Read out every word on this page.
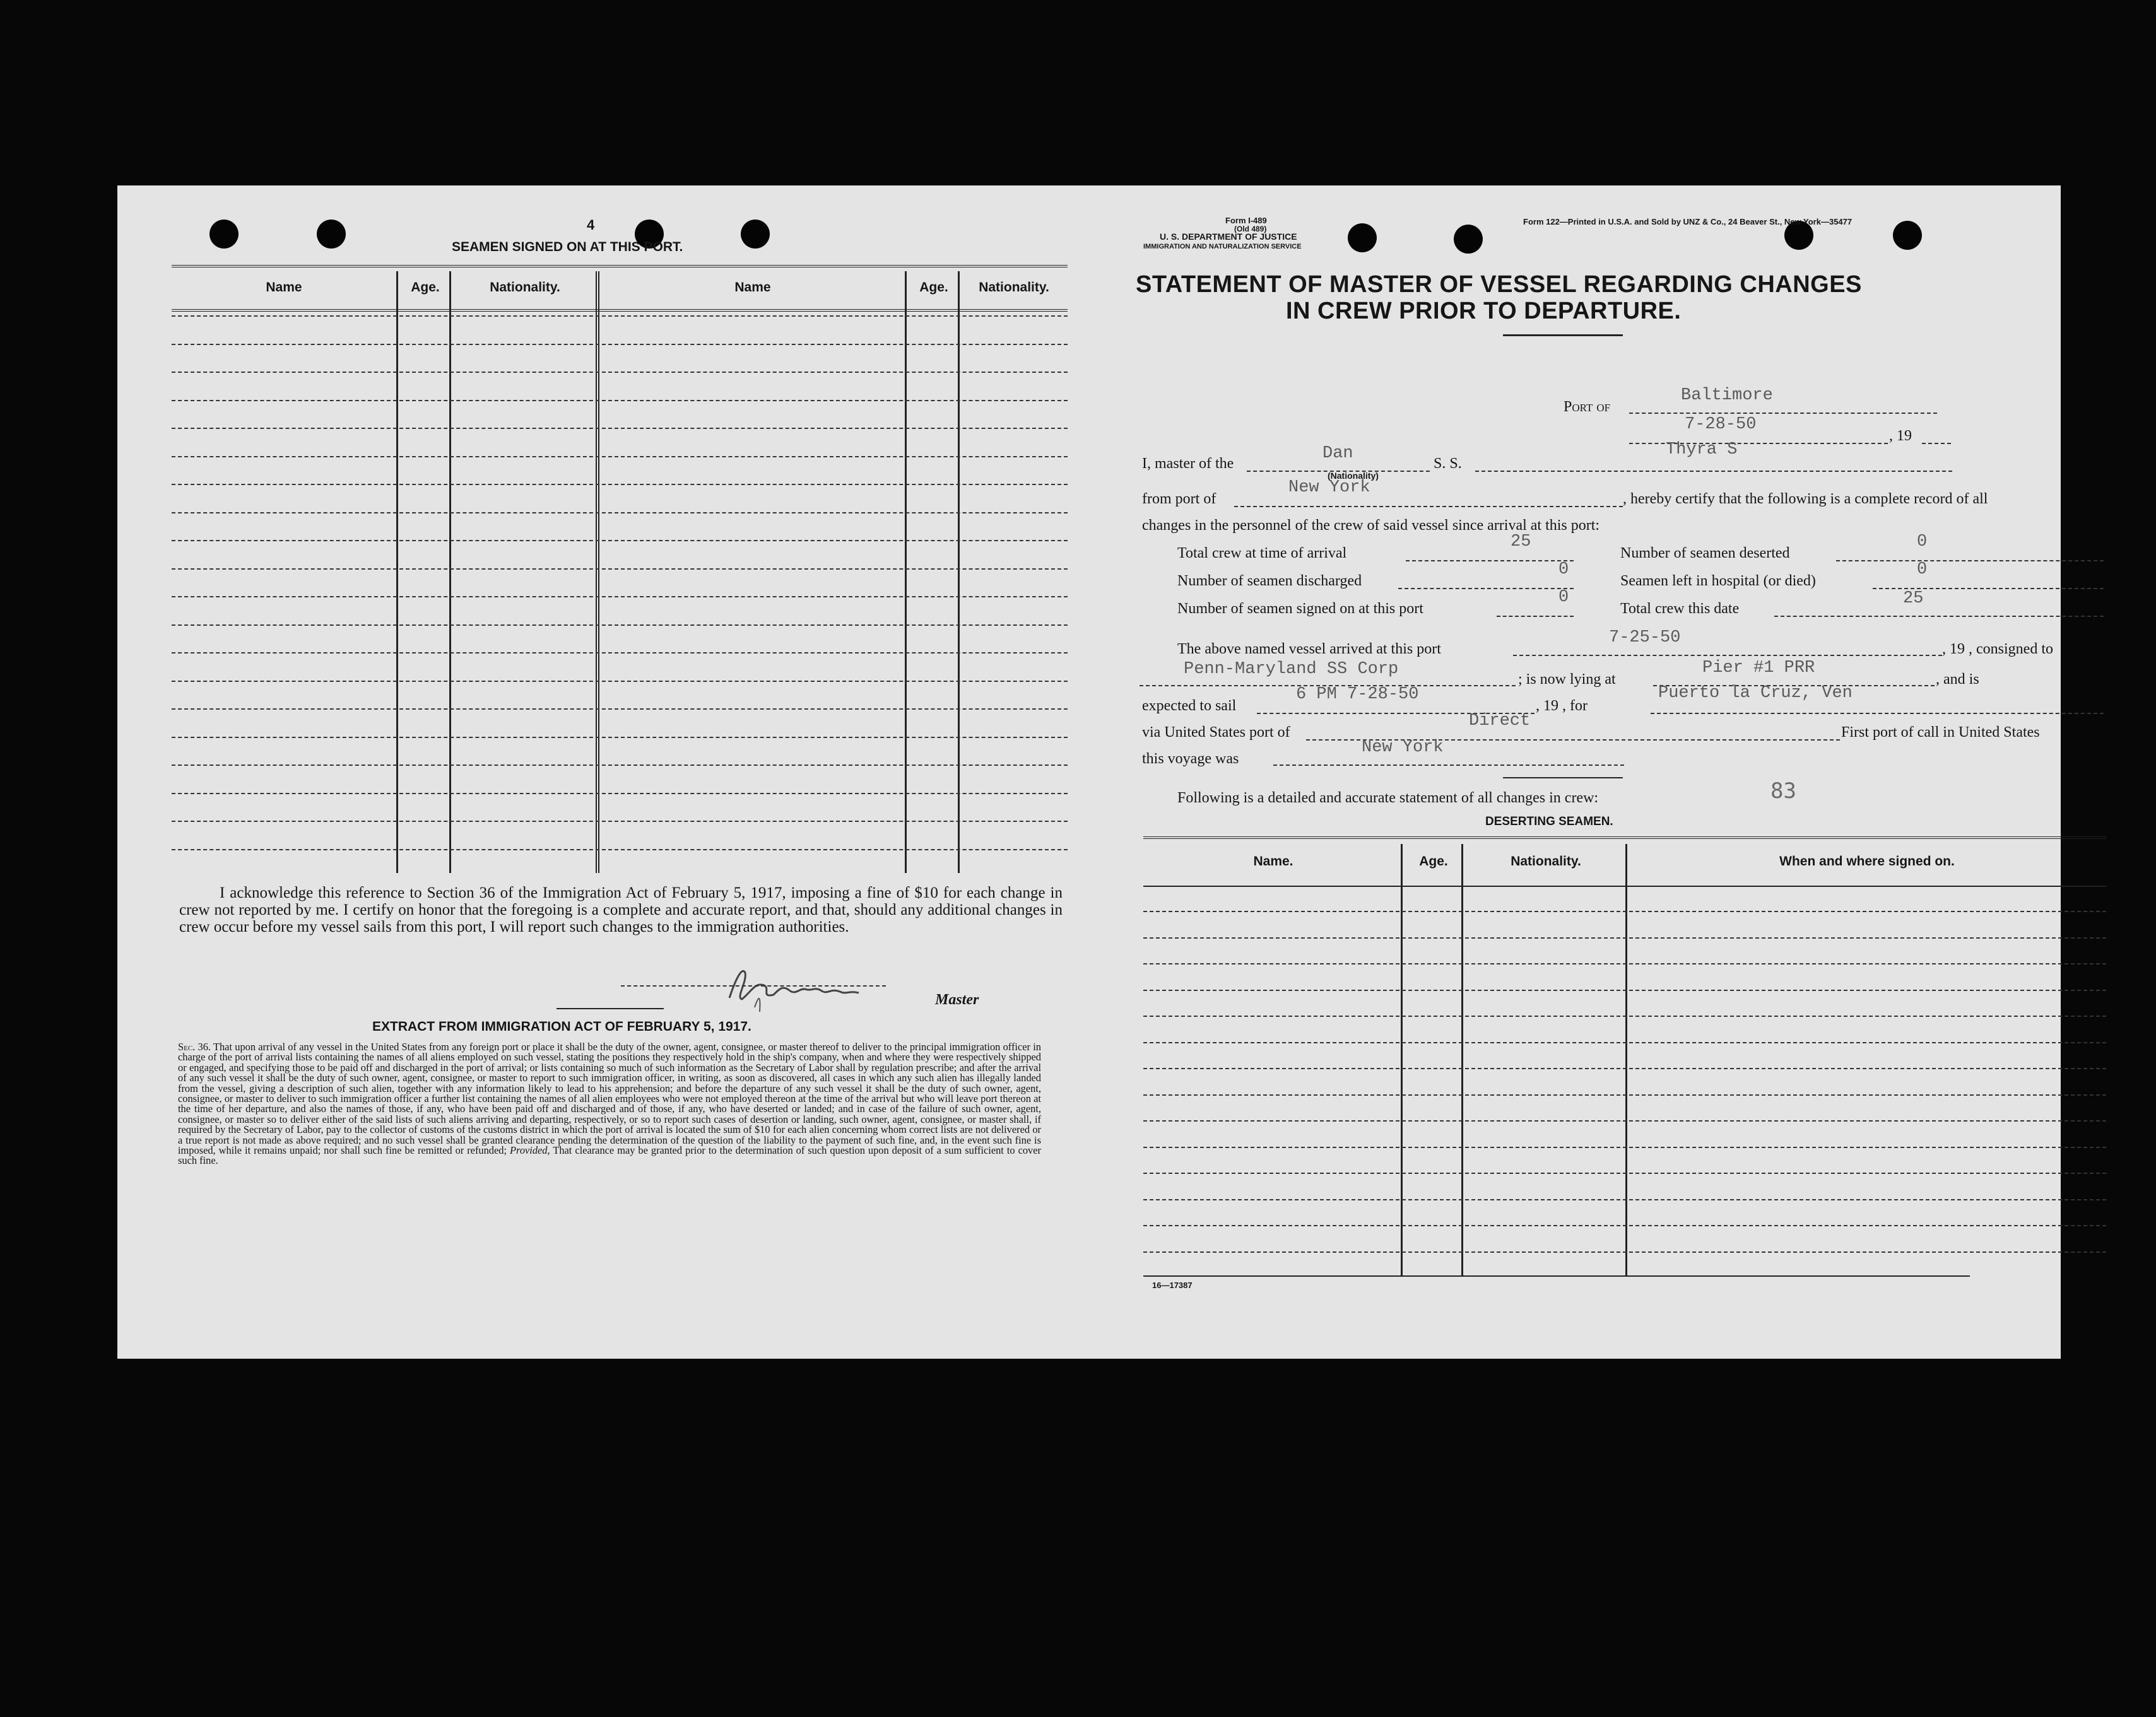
4
SEAMEN SIGNED ON AT THIS PORT.
Name	Age.	Nationality.	Name	Age.	Nationality.
I acknowledge this reference to Section 36 of the Immigration Act of February 5, 1917, imposing a fine of $10 for each change in crew not reported by me. I certify on honor that the foregoing is a complete and accurate report, and that, should any additional changes in crew occur before my vessel sails from this port, I will report such changes to the immigration authorities.
Master
EXTRACT FROM IMMIGRATION ACT OF FEBRUARY 5, 1917.
Sec. 36. That upon arrival of any vessel in the United States from any foreign port or place it shall be the duty of the owner, agent, consignee, or master thereof to deliver to the principal immigration officer in charge of the port of arrival lists containing the names of all aliens employed on such vessel, stating the positions they respectively hold in the ship's company, when and where they were respectively shipped or engaged, and specifying those to be paid off and discharged in the port of arrival; or lists containing so much of such information as the Secretary of Labor shall by regulation prescribe; and after the arrival of any such vessel it shall be the duty of such owner, agent, consignee, or master to report to such immigration officer, in writing, as soon as discovered, all cases in which any such alien has illegally landed from the vessel, giving a description of such alien, together with any information likely to lead to his apprehension; and before the departure of any such vessel it shall be the duty of such owner, agent, consignee, or master to deliver to such immigration officer a further list containing the names of all alien employees who were not employed thereon at the time of the arrival but who will leave port thereon at the time of her departure, and also the names of those, if any, who have been paid off and discharged and of those, if any, who have deserted or landed; and in case of the failure of such owner, agent, consignee, or master so to deliver either of the said lists of such aliens arriving and departing, respectively, or so to report such cases of desertion or landing, such owner, agent, consignee, or master shall, if required by the Secretary of Labor, pay to the collector of customs of the customs district in which the port of arrival is located the sum of $10 for each alien concerning whom correct lists are not delivered or a true report is not made as above required; and no such vessel shall be granted clearance pending the determination of the question of the liability to the payment of such fine, and, in the event such fine is imposed, while it remains unpaid; nor shall such fine be remitted or refunded; Provided, That clearance may be granted prior to the determination of such question upon deposit of a sum sufficient to cover such fine.
Form I-489
(Old 489)
U. S. DEPARTMENT OF JUSTICE
IMMIGRATION AND NATURALIZATION SERVICE
Form 122—Printed in U.S.A. and Sold by UNZ & Co., 24 Beaver St., New York—35477
STATEMENT OF MASTER OF VESSEL REGARDING CHANGES
IN CREW PRIOR TO DEPARTURE.
Port of
Baltimore
7-28-50
, 19
I, master of the
Dan
(Nationality)
S. S.
Thyra S
from port of
New York
, hereby certify that the following is a complete record of all
changes in the personnel of the crew of said vessel since arrival at this port:
Total crew at time of arrival
25
Number of seamen deserted
0
Number of seamen discharged
0
Seamen left in hospital (or died)
0
Number of seamen signed on at this port
0
Total crew this date
25
The above named vessel arrived at this port
7-25-50
, 19 , consigned to
Penn-Maryland SS Corp
; is now lying at
Pier #1 PRR
, and is
expected to sail
6 PM 7-28-50
, 19 , for
Puerto la Cruz, Ven
via United States port of
Direct
First port of call in United States
this voyage was
New York
Following is a detailed and accurate statement of all changes in crew:	83
DESERTING SEAMEN.
Name.	Age.	Nationality.	When and where signed on.
16—17387
